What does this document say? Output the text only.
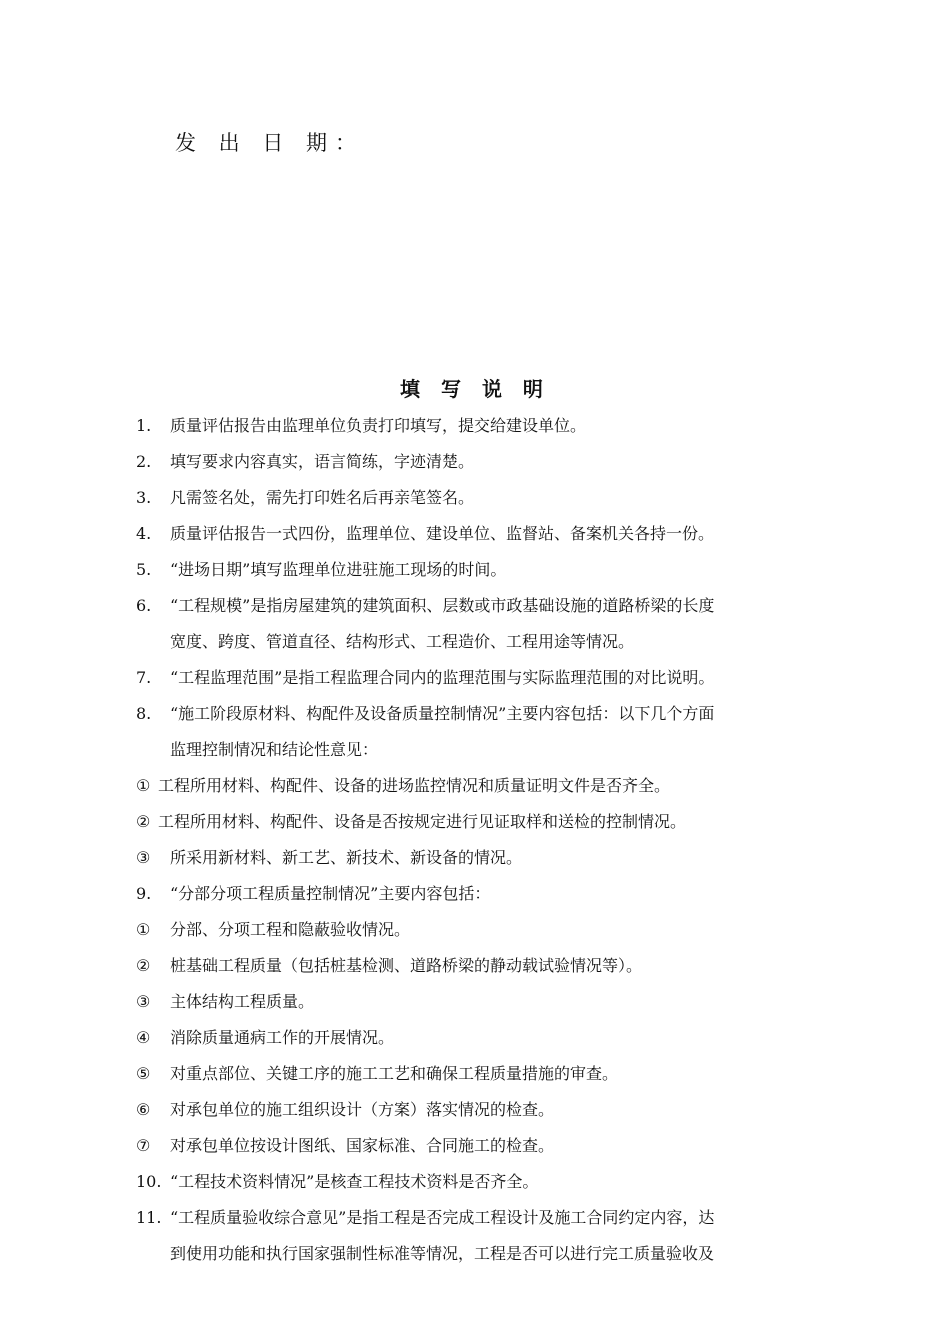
发 出 日 期：

填 写 说 明
1.	质量评估报告由监理单位负责打印填写，提交给建设单位。
2.	填写要求内容真实，语言简练，字迹清楚。
3.	凡需签名处，需先打印姓名后再亲笔签名。
4.	质量评估报告一式四份，监理单位、建设单位、监督站、备案机关各持一份。
5.	“进场日期”填写监理单位进驻施工现场的时间。
6.	“工程规模”是指房屋建筑的建筑面积、层数或市政基础设施的道路桥梁的长度
宽度、跨度、管道直径、结构形式、工程造价、工程用途等情况。
7.	“工程监理范围”是指工程监理合同内的监理范围与实际监理范围的对比说明。
8.	“施工阶段原材料、构配件及设备质量控制情况”主要内容包括：以下几个方面
监理控制情况和结论性意见：
① 工程所用材料、构配件、设备的进场监控情况和质量证明文件是否齐全。
② 工程所用材料、构配件、设备是否按规定进行见证取样和送检的控制情况。
③	所采用新材料、新工艺、新技术、新设备的情况。
9.	“分部分项工程质量控制情况”主要内容包括：
①	分部、分项工程和隐蔽验收情况。
②	桩基础工程质量（包括桩基检测、道路桥梁的静动载试验情况等）。
③	主体结构工程质量。
④	消除质量通病工作的开展情况。
⑤	对重点部位、关键工序的施工工艺和确保工程质量措施的审查。
⑥	对承包单位的施工组织设计（方案）落实情况的检查。
⑦	对承包单位按设计图纸、国家标准、合同施工的检查。
10. “工程技术资料情况”是核查工程技术资料是否齐全。
11. “工程质量验收综合意见”是指工程是否完成工程设计及施工合同约定内容，达
到使用功能和执行国家强制性标准等情况，工程是否可以进行完工质量验收及
